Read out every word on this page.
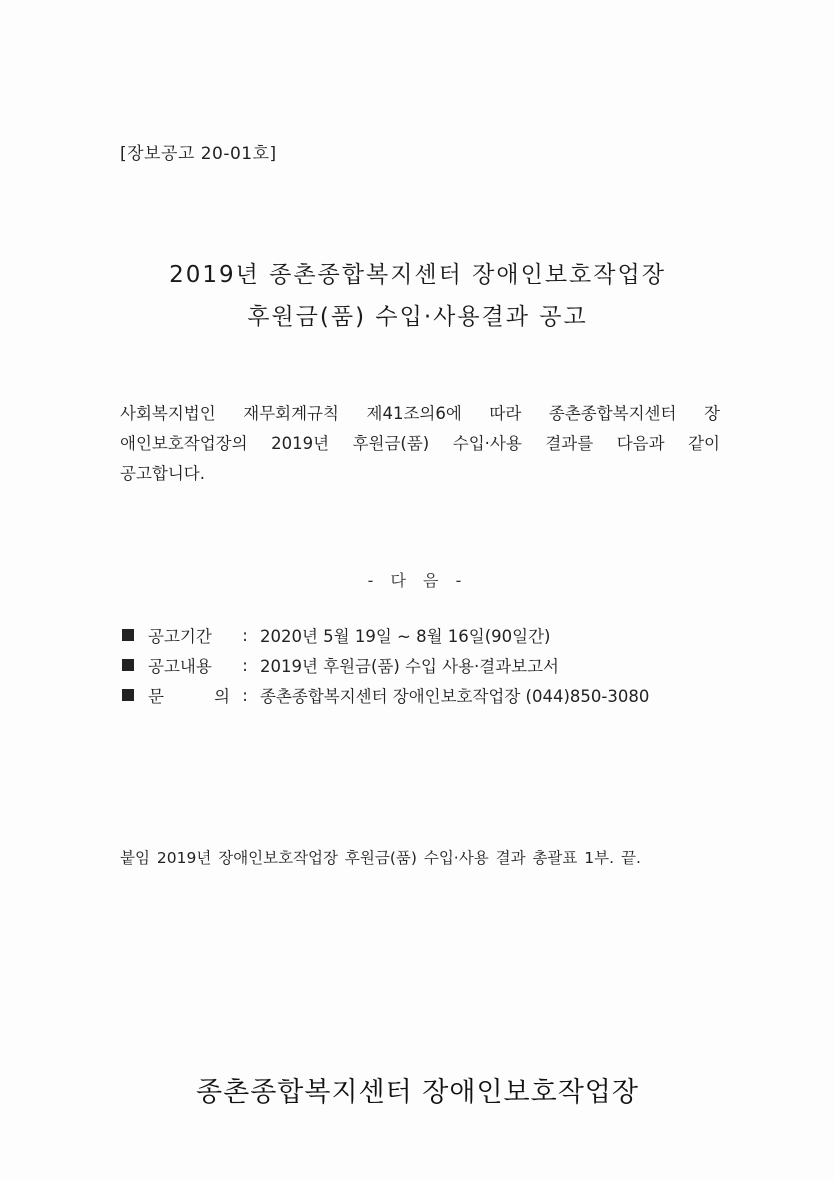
[장보공고 20-01호]
2019년 종촌종합복지센터 장애인보호작업장
후원금(품) 수입·사용결과 공고
사회복지법인 재무회계규칙 제41조의6에 따라 종촌종합복지센터 장
애인보호작업장의 2019년 후원금(품) 수입·사용 결과를 다음과 같이
공고합니다.
- 다 음 -
공고기간	: 2020년 5월 19일 ~ 8월 16일(90일간)
공고내용	: 2019년 후원금(품) 수입 사용·결과보고서
문 의 : 종촌종합복지센터 장애인보호작업장 (044)850-3080
붙임 2019년 장애인보호작업장 후원금(품) 수입·사용 결과 총괄표 1부. 끝.
종촌종합복지센터 장애인보호작업장
